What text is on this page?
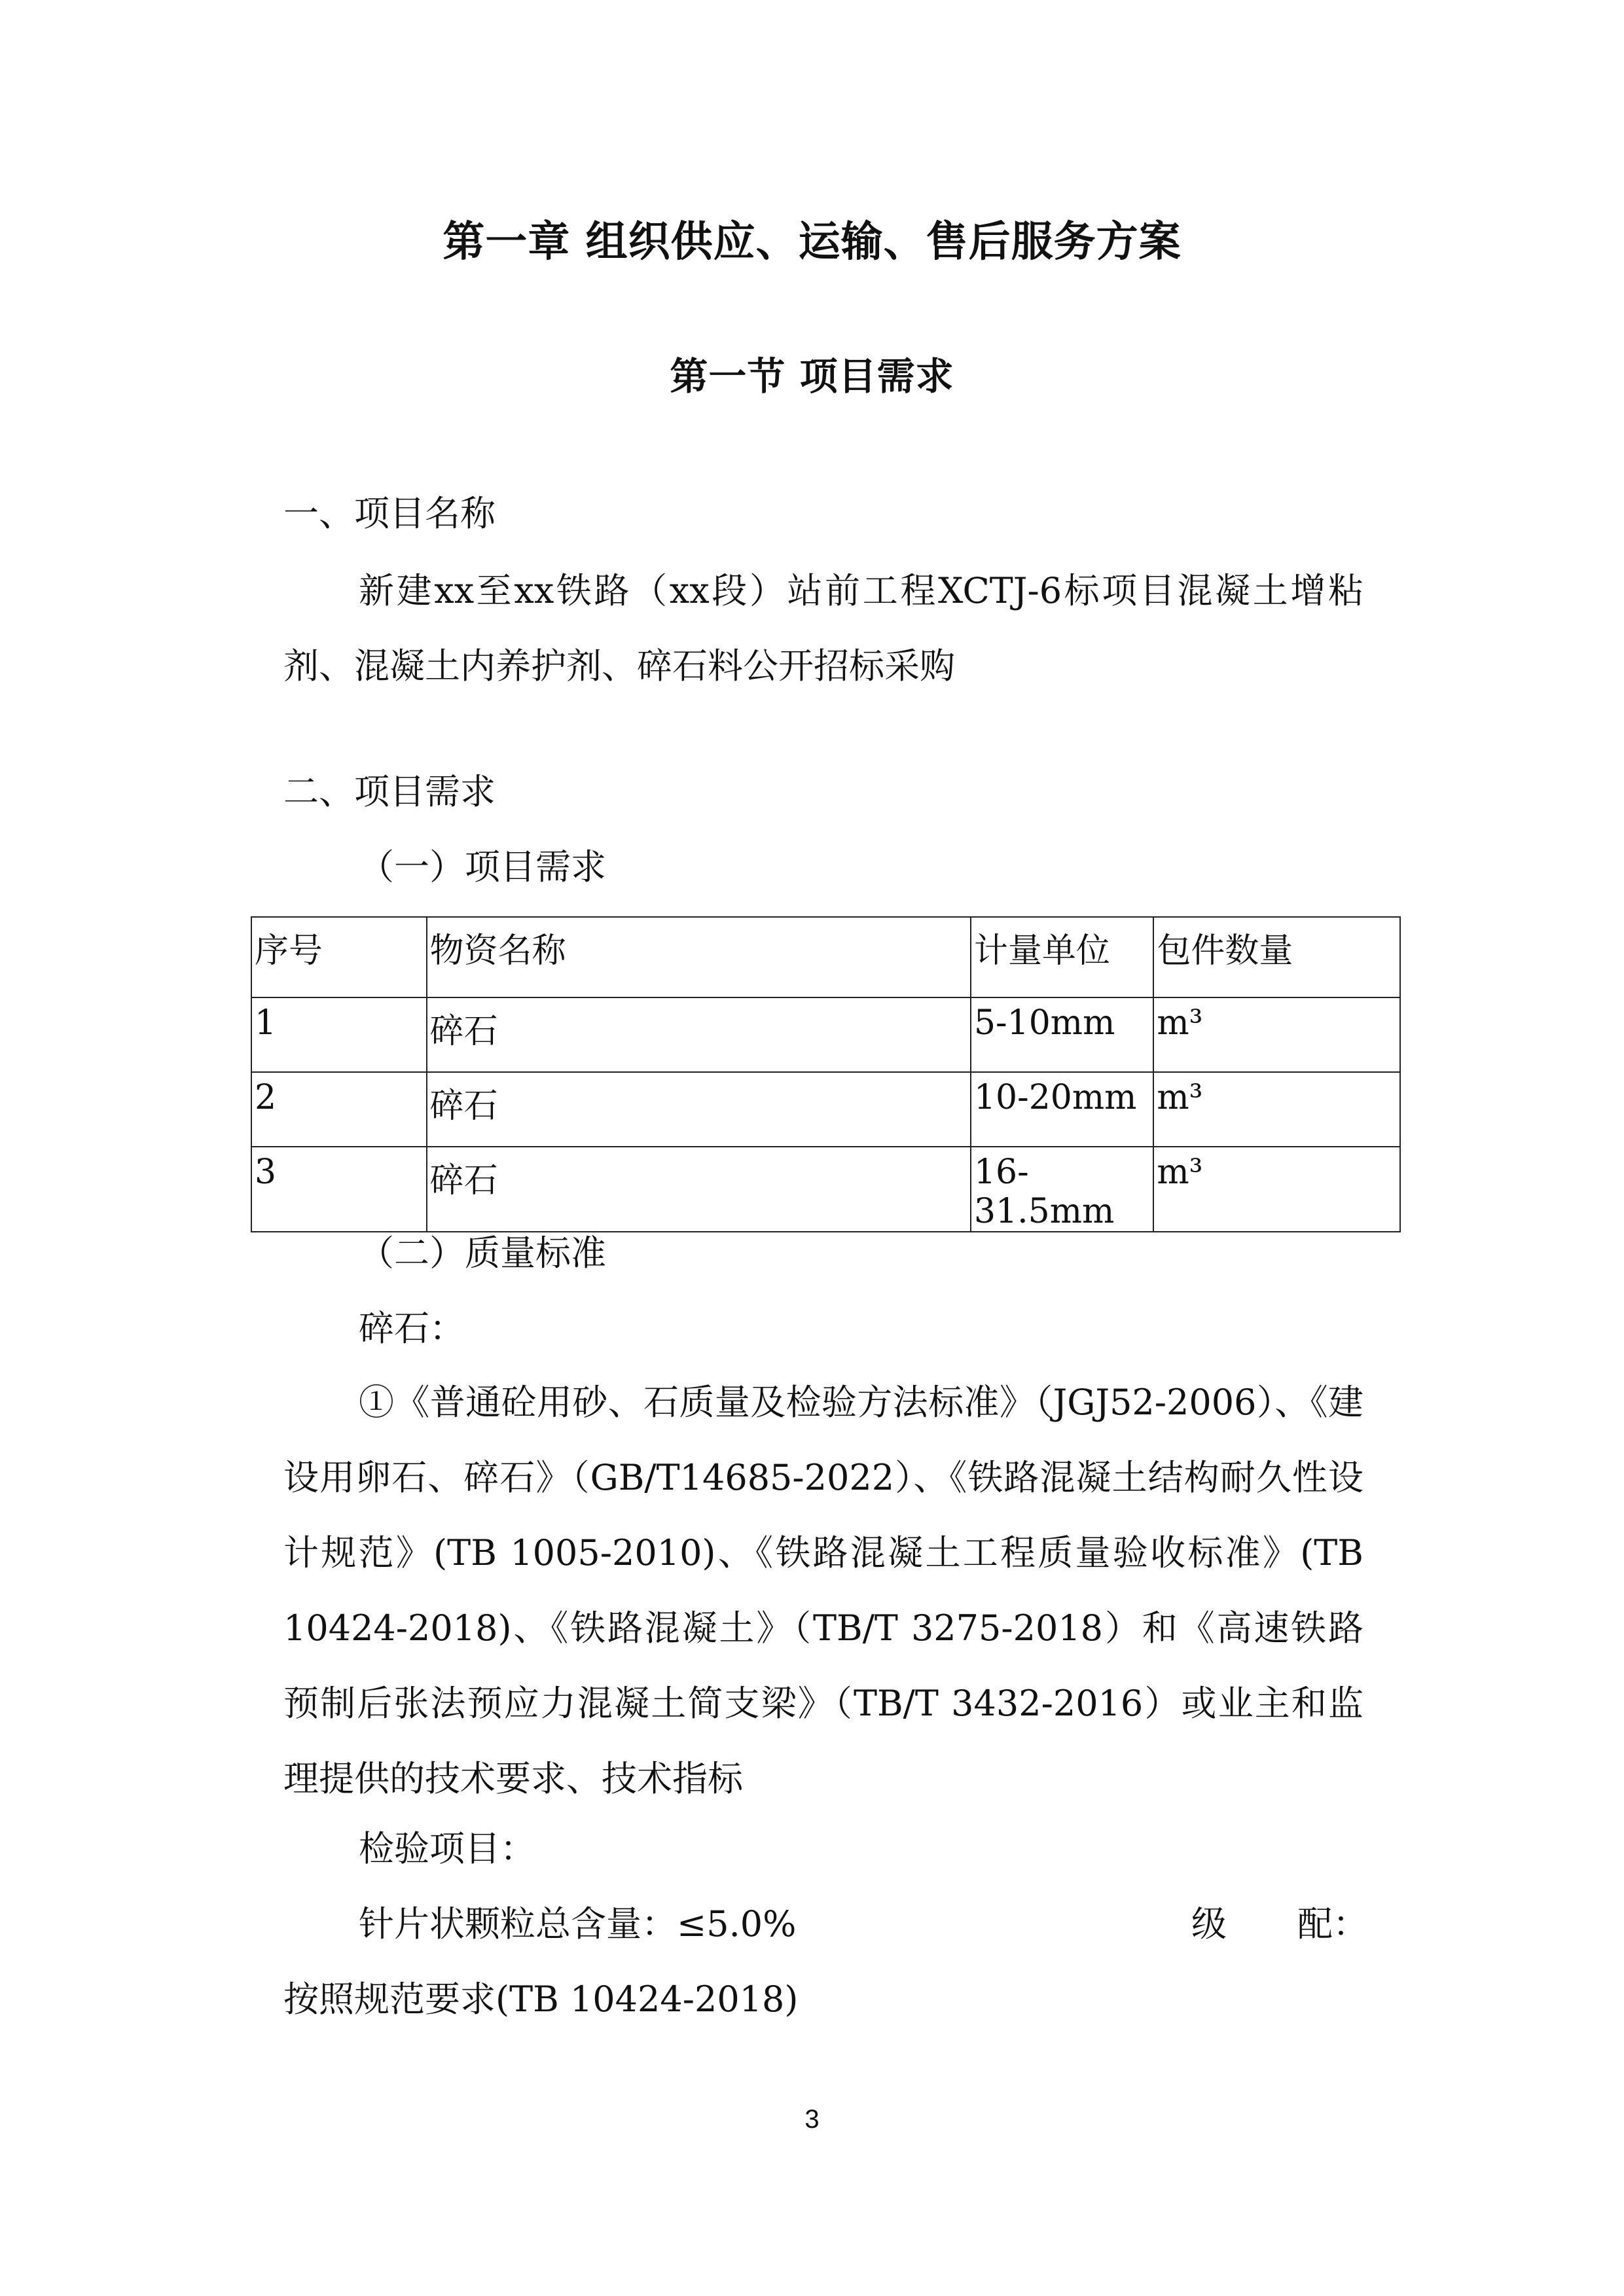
第一章 组织供应、运输、售后服务方案
第一节 项目需求
一、项目名称
新建xx至xx铁路（xx段）站前工程XCTJ-6标项目混凝土增粘剂、混凝土内养护剂、碎石料公开招标采购
二、项目需求
（一）项目需求
序号	物资名称	计量单位	包件数量
1	碎石	5-10mm	m³
2	碎石	10-20mm	m³
3	碎石	16-31.5mm	m³
（二）质量标准
碎石：
①《普通砼用砂、石质量及检验方法标准》（JGJ52-2006）、《建设用卵石、碎石》（GB/T14685-2022）、《铁路混凝土结构耐久性设计规范》(TB 1005-2010)、《铁路混凝土工程质量验收标准》(TB 10424-2018)、《铁路混凝土》（TB/T 3275-2018）和《高速铁路预制后张法预应力混凝土简支梁》（TB/T 3432-2016）或业主和监理提供的技术要求、技术指标
检验项目：
针片状颗粒总含量：≤5.0%	级　　配：
按照规范要求(TB 10424-2018)
3
